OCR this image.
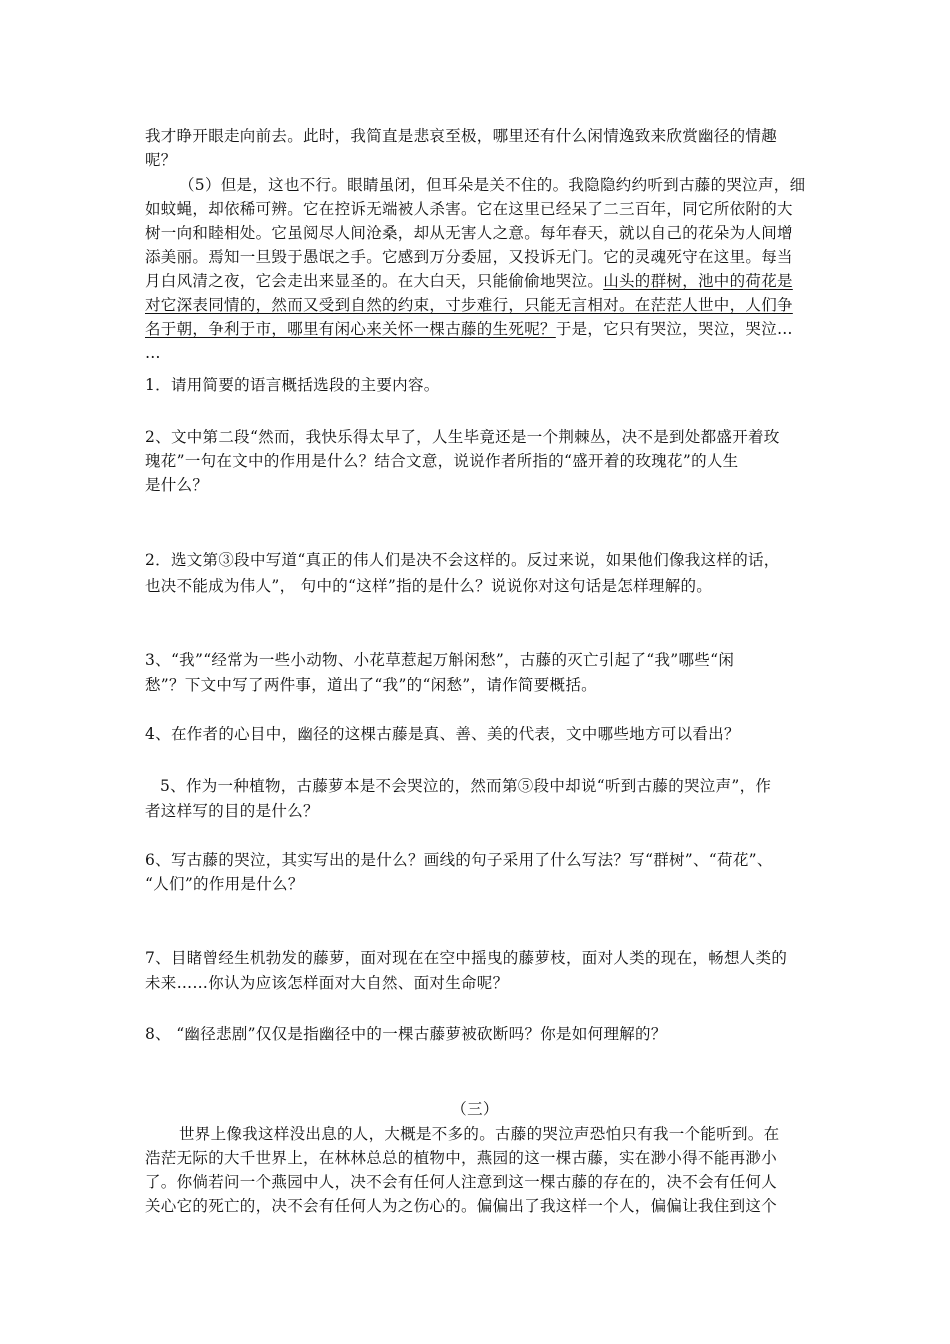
我才睁开眼走向前去。此时，我简直是悲哀至极，哪里还有什么闲情逸致来欣赏幽径的情趣
呢？
（5）但是，这也不行。眼睛虽闭，但耳朵是关不住的。我隐隐约约听到古藤的哭泣声，细
如蚊蝇，却依稀可辨。它在控诉无端被人杀害。它在这里已经呆了二三百年，同它所依附的大
树一向和睦相处。它虽阅尽人间沧桑，却从无害人之意。每年春天，就以自己的花朵为人间增
添美丽。焉知一旦毁于愚氓之手。它感到万分委屈，又投诉无门。它的灵魂死守在这里。每当
月白风清之夜，它会走出来显圣的。在大白天，只能偷偷地哭泣。山头的群树，池中的荷花是
对它深表同情的，然而又受到自然的约束，寸步难行，只能无言相对。在茫茫人世中，人们争
名于朝，争利于市，哪里有闲心来关怀一棵古藤的生死呢？于是，它只有哭泣，哭泣，哭泣…
…
1．请用简要的语言概括选段的主要内容。
2、文中第二段“然而，我快乐得太早了，人生毕竟还是一个荆棘丛，决不是到处都盛开着玫
瑰花”一句在文中的作用是什么？结合文意，说说作者所指的“盛开着的玫瑰花”的人生
是什么？
2．选文第③段中写道“真正的伟人们是决不会这样的。反过来说，如果他们像我这样的话，
也决不能成为伟人”， 句中的“这样”指的是什么？说说你对这句话是怎样理解的。
3、“我”“经常为一些小动物、小花草惹起万斛闲愁”，古藤的灭亡引起了“我”哪些“闲
愁”？下文中写了两件事，道出了“我”的“闲愁”，请作简要概括。
4、在作者的心目中，幽径的这棵古藤是真、善、美的代表，文中哪些地方可以看出？
5、作为一种植物，古藤萝本是不会哭泣的，然而第⑤段中却说“听到古藤的哭泣声”，作
者这样写的目的是什么？
6、写古藤的哭泣，其实写出的是什么？画线的句子采用了什么写法？写“群树”、“荷花”、
“人们”的作用是什么？
7、目睹曾经生机勃发的藤萝，面对现在在空中摇曳的藤萝枝，面对人类的现在，畅想人类的
未来……你认为应该怎样面对大自然、面对生命呢？
8、 “幽径悲剧”仅仅是指幽径中的一棵古藤萝被砍断吗？你是如何理解的？
（三）
世界上像我这样没出息的人，大概是不多的。古藤的哭泣声恐怕只有我一个能听到。在
浩茫无际的大千世界上，在林林总总的植物中，燕园的这一棵古藤，实在渺小得不能再渺小
了。你倘若问一个燕园中人，决不会有任何人注意到这一棵古藤的存在的，决不会有任何人
关心它的死亡的，决不会有任何人为之伤心的。偏偏出了我这样一个人，偏偏让我住到这个
